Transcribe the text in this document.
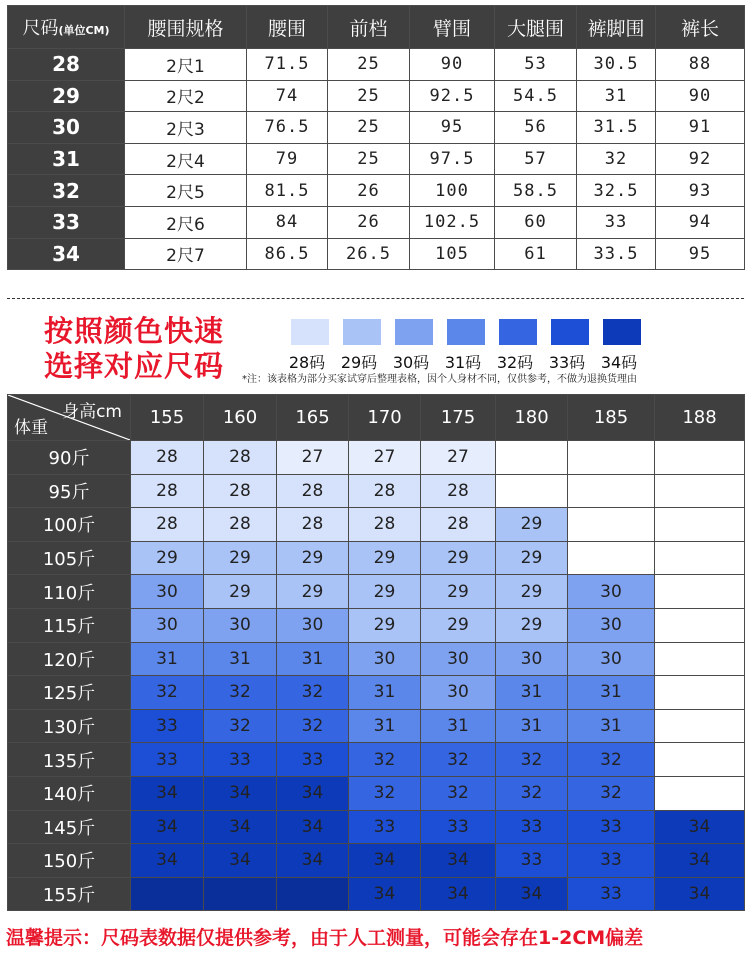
尺码(单位CM)	腰围规格	腰围	前档	臂围	大腿围	裤脚围	裤长
28	2尺1	71.5	25	90	53	30.5	88
29	2尺2	74	25	92.5	54.5	31	90
30	2尺3	76.5	25	95	56	31.5	91
31	2尺4	79	25	97.5	57	32	92
32	2尺5	81.5	26	100	58.5	32.5	93
33	2尺6	84	26	102.5	60	33	94
34	2尺7	86.5	26.5	105	61	33.5	95
按照颜色快速
选择对应尺码	28码 29码 30码 31码 32码 33码 34码
*注：该表格为部分买家试穿后整理表格，因个人身材不同，仅供参考，不做为退换货理由
身高cm
体重	155	160	165	170	175	180	185	188
90斤	28	28	27	27	27			
95斤	28	28	28	28	28			
100斤	28	28	28	28	28	29		
105斤	29	29	29	29	29	29		
110斤	30	29	29	29	29	29	30	
115斤	30	30	30	29	29	29	30	
120斤	31	31	31	30	30	30	30	
125斤	32	32	32	31	30	31	31	
130斤	33	32	32	31	31	31	31	
135斤	33	33	33	32	32	32	32	
140斤	34	34	34	32	32	32	32	
145斤	34	34	34	33	33	33	33	34
150斤	34	34	34	34	34	33	33	34
155斤				34	34	34	33	34
温馨提示：尺码表数据仅提供参考，由于人工测量，可能会存在1-2CM偏差
